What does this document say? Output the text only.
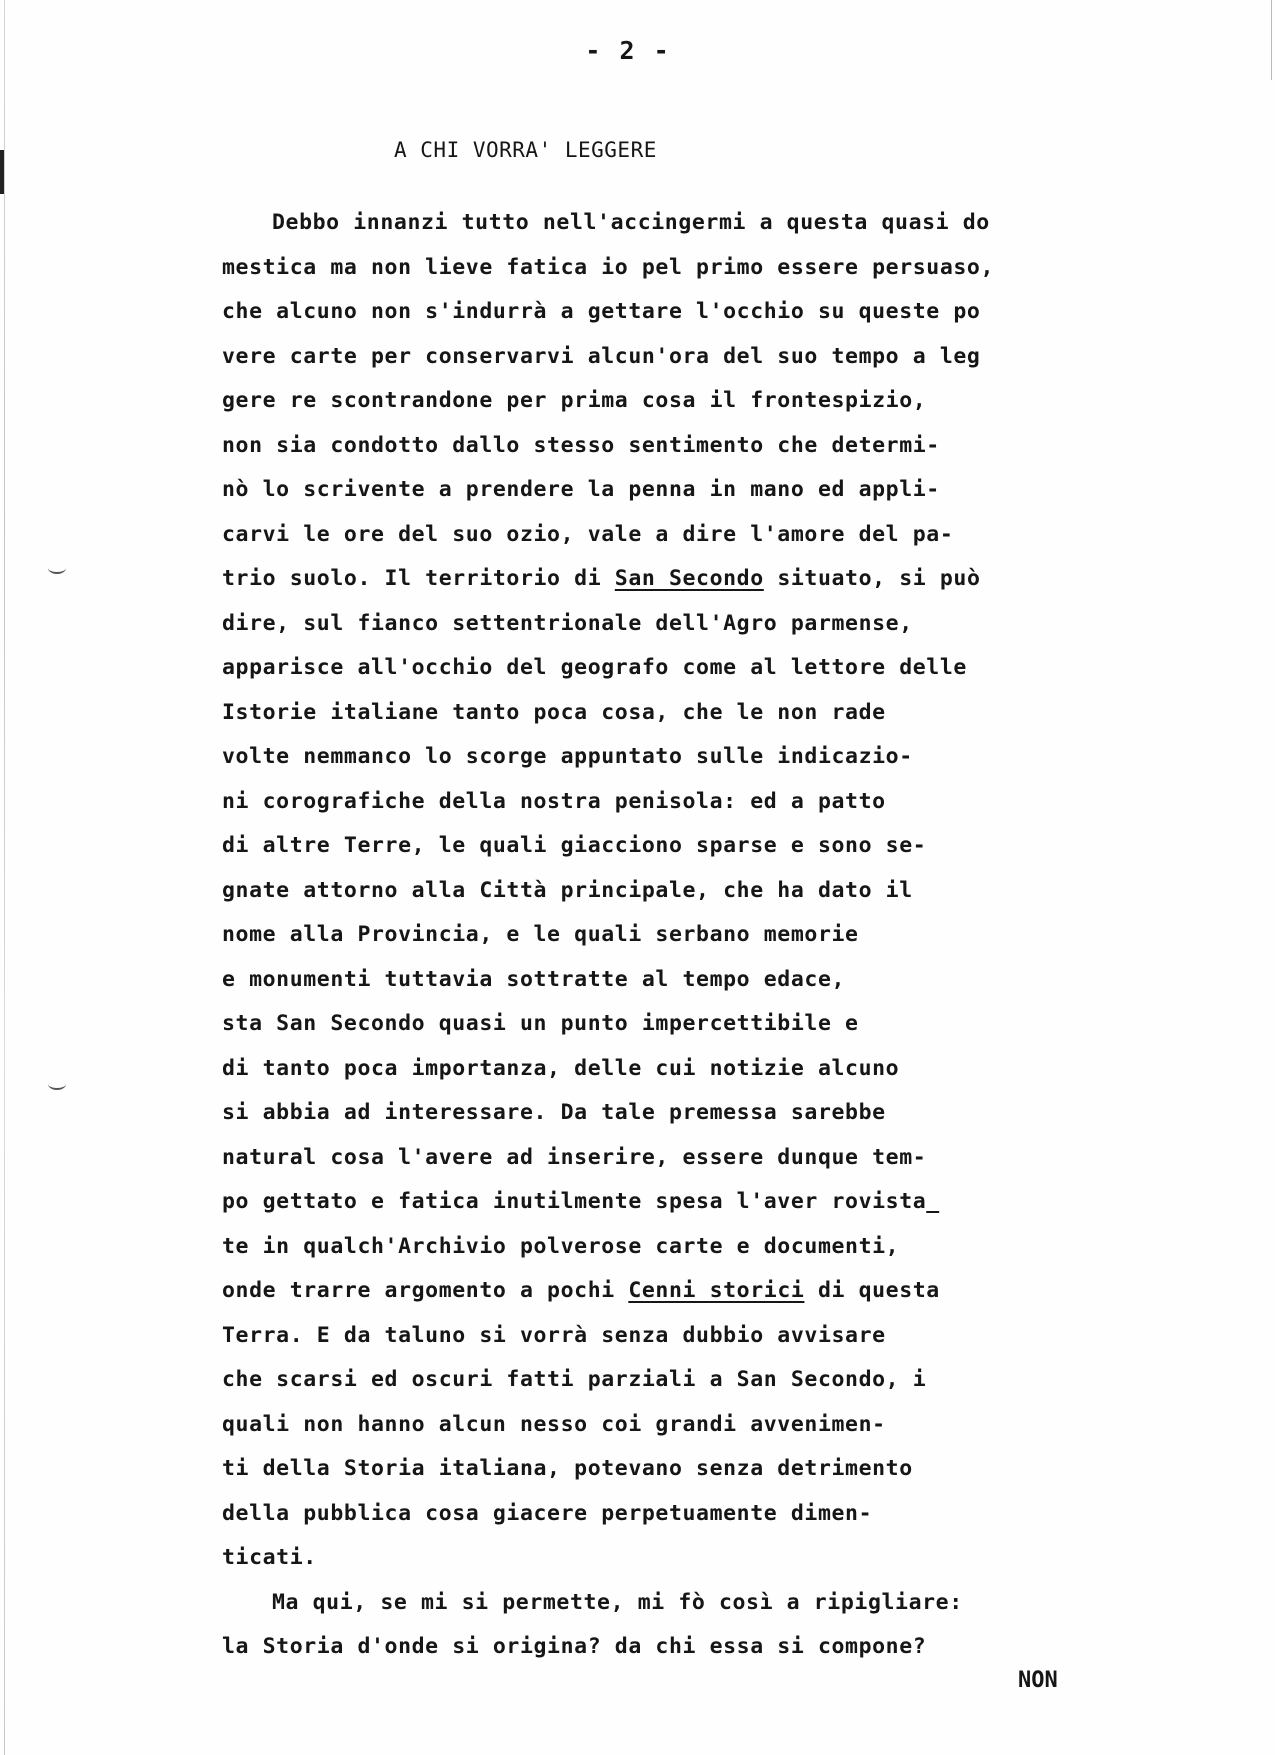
- 2 -
A CHI VORRA' LEGGERE
Debbo innanzi tutto nell'accingermi a questa quasi do
mestica ma non lieve fatica io pel primo essere persuaso,
che alcuno non s'indurrà a gettare l'occhio su queste po
vere carte per conservarvi alcun'ora del suo tempo a leg
gere re scontrandone per prima cosa il frontespizio,
non sia condotto dallo stesso sentimento che determi-
nò lo scrivente a prendere la penna in mano ed appli-
carvi le ore del suo ozio, vale a dire l'amore del pa-
trio suolo. Il territorio di San Secondo situato, si può
dire, sul fianco settentrionale dell'Agro parmense,
apparisce all'occhio del geografo come al lettore delle
Istorie italiane tanto poca cosa, che le non rade
volte nemmanco lo scorge appuntato sulle indicazio-
ni corografiche della nostra penisola: ed a patto
di altre Terre, le quali giacciono sparse e sono se-
gnate attorno alla Città principale, che ha dato il
nome alla Provincia, e le quali serbano memorie
e monumenti tuttavia sottratte al tempo edace,
sta San Secondo quasi un punto impercettibile e
di tanto poca importanza, delle cui notizie alcuno
si abbia ad interessare. Da tale premessa sarebbe
natural cosa l'avere ad inserire, essere dunque tem-
po gettato e fatica inutilmente spesa l'aver rovista_
te in qualch'Archivio polverose carte e documenti,
onde trarre argomento a pochi Cenni storici di questa
Terra. E da taluno si vorrà senza dubbio avvisare
che scarsi ed oscuri fatti parziali a San Secondo, i
quali non hanno alcun nesso coi grandi avvenimen-
ti della Storia italiana, potevano senza detrimento
della pubblica cosa giacere perpetuamente dimen-
ticati.
Ma qui, se mi si permette, mi fò così a ripigliare:
la Storia d'onde si origina? da chi essa si compone?
NON
